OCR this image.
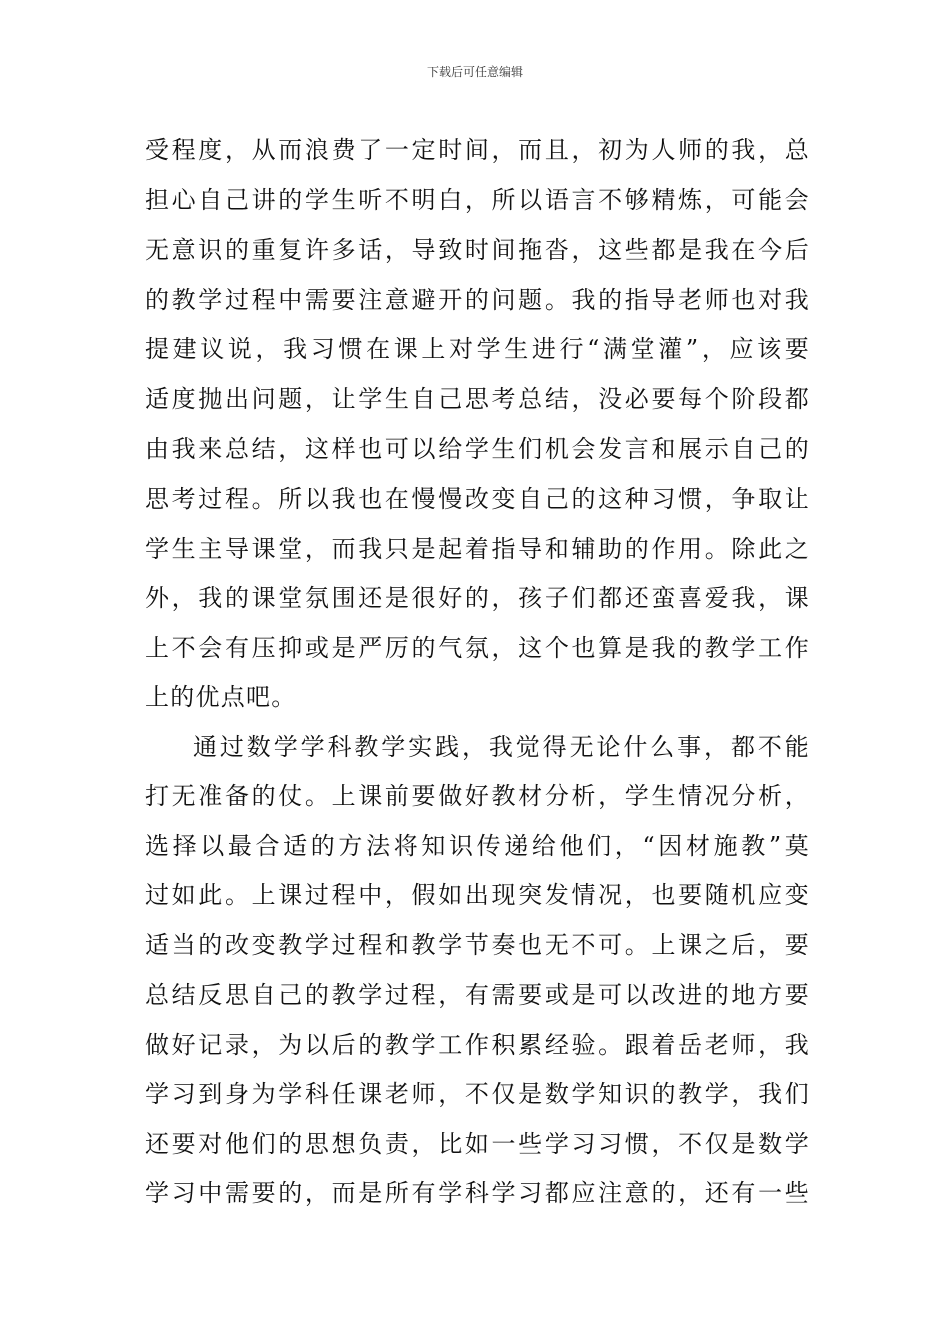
下载后可任意编辑
受程度，从而浪费了一定时间，而且，初为人师的我，总
担心自己讲的学生听不明白，所以语言不够精炼，可能会
无意识的重复许多话，导致时间拖沓，这些都是我在今后
的教学过程中需要注意避开的问题。我的指导老师也对我
提建议说，我习惯在课上对学生进行“满堂灌”，应该要
适度抛出问题，让学生自己思考总结，没必要每个阶段都
由我来总结，这样也可以给学生们机会发言和展示自己的
思考过程。所以我也在慢慢改变自己的这种习惯，争取让
学生主导课堂，而我只是起着指导和辅助的作用。除此之
外，我的课堂氛围还是很好的，孩子们都还蛮喜爱我，课
上不会有压抑或是严厉的气氛，这个也算是我的教学工作
上的优点吧。
通过数学学科教学实践，我觉得无论什么事，都不能
打无准备的仗。上课前要做好教材分析，学生情况分析，
选择以最合适的方法将知识传递给他们，“因材施教”莫
过如此。上课过程中，假如出现突发情况，也要随机应变
适当的改变教学过程和教学节奏也无不可。上课之后，要
总结反思自己的教学过程，有需要或是可以改进的地方要
做好记录，为以后的教学工作积累经验。跟着岳老师，我
学习到身为学科任课老师，不仅是数学知识的教学，我们
还要对他们的思想负责，比如一些学习习惯，不仅是数学
学习中需要的，而是所有学科学习都应注意的，还有一些
